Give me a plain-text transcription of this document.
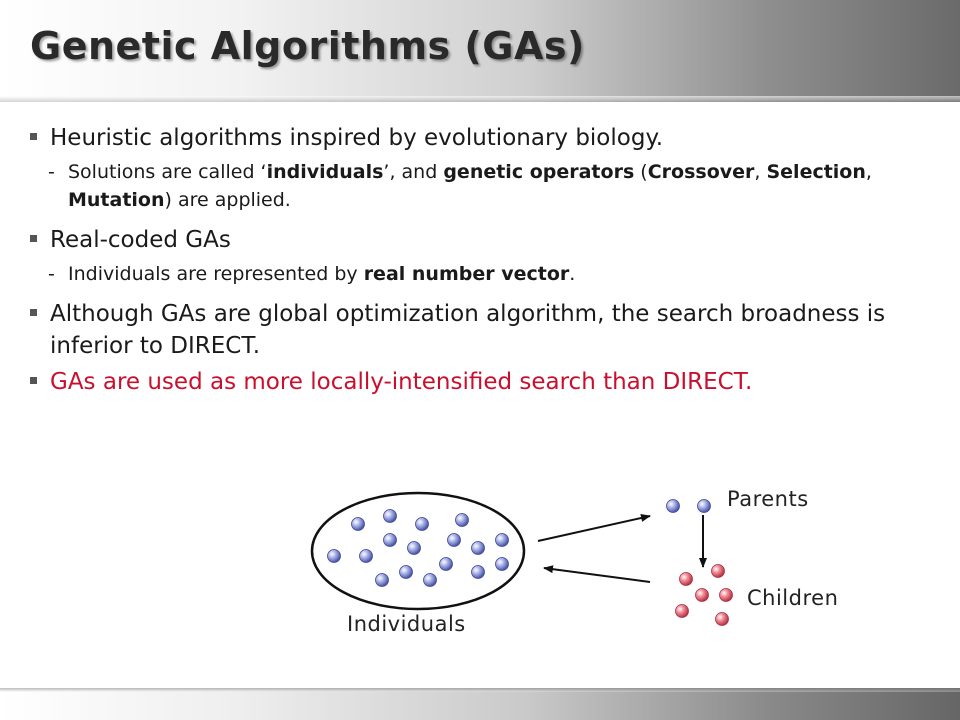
Genetic Algorithms (GAs)
Heuristic algorithms inspired by evolutionary biology.
- Solutions are called ‘individuals’, and genetic operators (Crossover, Selection, Mutation) are applied.
Real-coded GAs
- Individuals are represented by real number vector.
Although GAs are global optimization algorithm, the search broadness is inferior to DIRECT.
GAs are used as more locally-intensified search than DIRECT.
Individuals
Parents
Children
